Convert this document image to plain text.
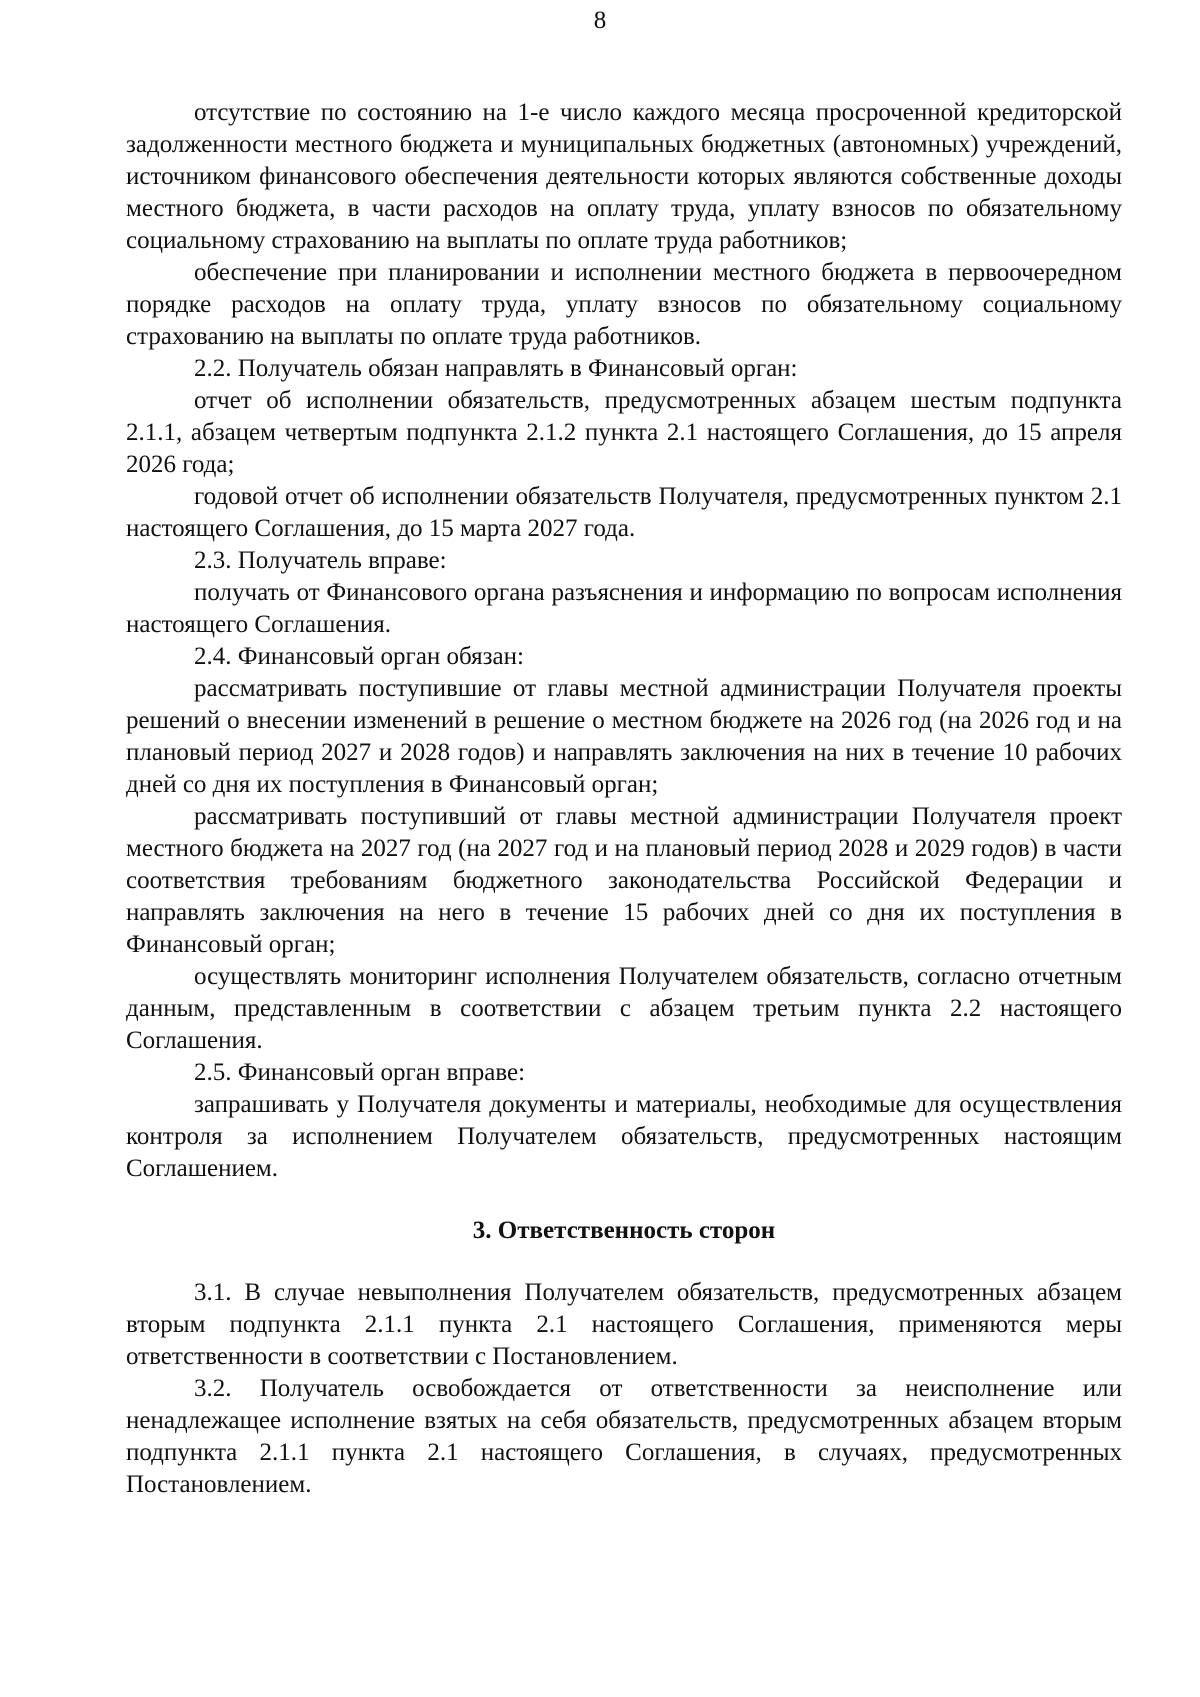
8

отсутствие по состоянию на 1-е число каждого месяца просроченной кредиторской задолженности местного бюджета и муниципальных бюджетных (автономных) учреждений, источником финансового обеспечения деятельности которых являются собственные доходы местного бюджета, в части расходов на оплату труда, уплату взносов по обязательному социальному страхованию на выплаты по оплате труда работников;

обеспечение при планировании и исполнении местного бюджета в первоочередном порядке расходов на оплату труда, уплату взносов по обязательному социальному страхованию на выплаты по оплате труда работников.

2.2. Получатель обязан направлять в Финансовый орган:

отчет об исполнении обязательств, предусмотренных абзацем шестым подпункта 2.1.1, абзацем четвертым подпункта 2.1.2 пункта 2.1 настоящего Соглашения, до 15 апреля 2026 года;

годовой отчет об исполнении обязательств Получателя, предусмотренных пунктом 2.1 настоящего Соглашения, до 15 марта 2027 года.

2.3. Получатель вправе:

получать от Финансового органа разъяснения и информацию по вопросам исполнения настоящего Соглашения.

2.4. Финансовый орган обязан:

рассматривать поступившие от главы местной администрации Получателя проекты решений о внесении изменений в решение о местном бюджете на 2026 год (на 2026 год и на плановый период 2027 и 2028 годов) и направлять заключения на них в течение 10 рабочих дней со дня их поступления в Финансовый орган;

рассматривать поступивший от главы местной администрации Получателя проект местного бюджета на 2027 год (на 2027 год и на плановый период 2028 и 2029 годов) в части соответствия требованиям бюджетного законодательства Российской Федерации и направлять заключения на него в течение 15 рабочих дней со дня их поступления в Финансовый орган;

осуществлять мониторинг исполнения Получателем обязательств, согласно отчетным данным, представленным в соответствии с абзацем третьим пункта 2.2 настоящего Соглашения.

2.5. Финансовый орган вправе:

запрашивать у Получателя документы и материалы, необходимые для осуществления контроля за исполнением Получателем обязательств, предусмотренных настоящим Соглашением.

3. Ответственность сторон

3.1. В случае невыполнения Получателем обязательств, предусмотренных абзацем вторым подпункта 2.1.1 пункта 2.1 настоящего Соглашения, применяются меры ответственности в соответствии с Постановлением.

3.2. Получатель освобождается от ответственности за неисполнение или ненадлежащее исполнение взятых на себя обязательств, предусмотренных абзацем вторым подпункта 2.1.1 пункта 2.1 настоящего Соглашения, в случаях, предусмотренных Постановлением.
